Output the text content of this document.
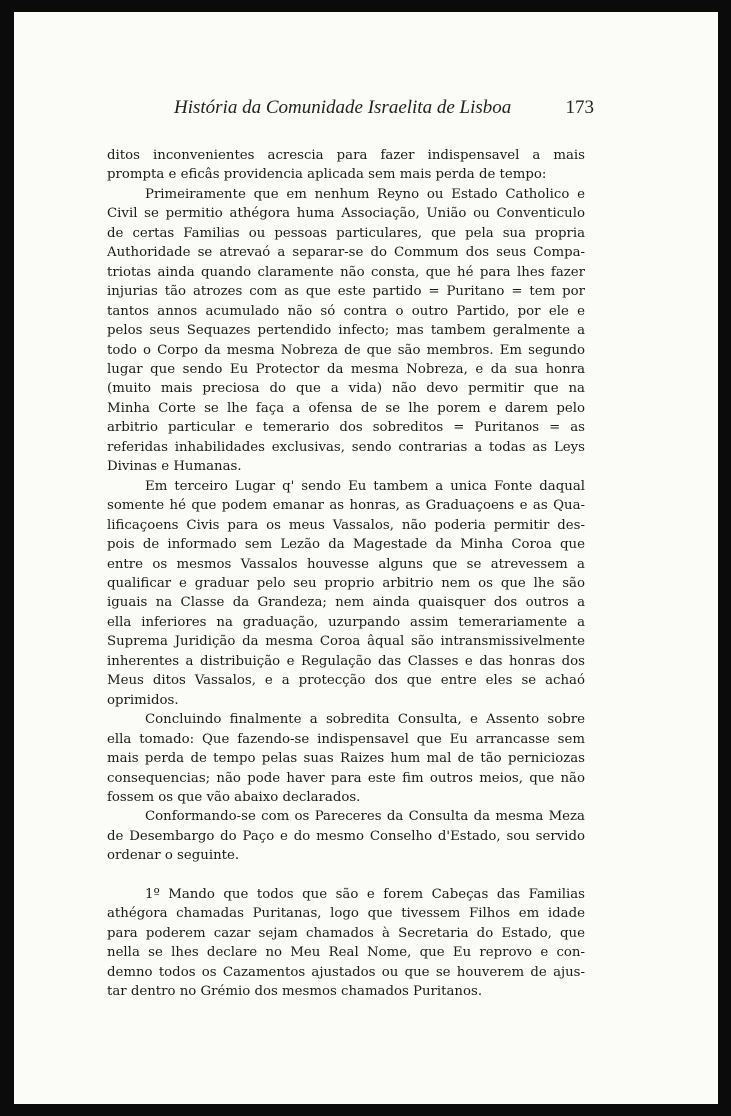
História da Comunidade Israelita de Lisboa	173

ditos inconvenientes acrescia para fazer indispensavel a mais
prompta e eficâs providencia aplicada sem mais perda de tempo:

Primeiramente que em nenhum Reyno ou Estado Catholico e
Civil se permitio athégora huma Associação, União ou Conventiculo
de certas Familias ou pessoas particulares, que pela sua propria
Authoridade se atrevaó a separar-se do Commum dos seus Compa-
triotas ainda quando claramente não consta, que hé para lhes fazer
injurias tão atrozes com as que este partido = Puritano = tem por
tantos annos acumulado não só contra o outro Partido, por ele e
pelos seus Sequazes pertendido infecto; mas tambem geralmente a
todo o Corpo da mesma Nobreza de que são membros. Em segundo
lugar que sendo Eu Protector da mesma Nobreza, e da sua honra
(muito mais preciosa do que a vida) não devo permitir que na
Minha Corte se lhe faça a ofensa de se lhe porem e darem pelo
arbitrio particular e temerario dos sobreditos = Puritanos = as
referidas inhabilidades exclusivas, sendo contrarias a todas as Leys
Divinas e Humanas.

Em terceiro Lugar q' sendo Eu tambem a unica Fonte daqual
somente hé que podem emanar as honras, as Graduaçoens e as Qua-
lificaçoens Civis para os meus Vassalos, não poderia permitir des-
pois de informado sem Lezão da Magestade da Minha Coroa que
entre os mesmos Vassalos houvesse alguns que se atrevessem a
qualificar e graduar pelo seu proprio arbitrio nem os que lhe são
iguais na Classe da Grandeza; nem ainda quaisquer dos outros a
ella inferiores na graduação, uzurpando assim temerariamente a
Suprema Juridição da mesma Coroa âqual são intransmissivelmente
inherentes a distribuição e Regulação das Classes e das honras dos
Meus ditos Vassalos, e a protecção dos que entre eles se achaó
oprimidos.

Concluindo finalmente a sobredita Consulta, e Assento sobre
ella tomado: Que fazendo-se indispensavel que Eu arrancasse sem
mais perda de tempo pelas suas Raizes hum mal de tão perniciozas
consequencias; não pode haver para este fim outros meios, que não
fossem os que vão abaixo declarados.

Conformando-se com os Pareceres da Consulta da mesma Meza
de Desembargo do Paço e do mesmo Conselho d'Estado, sou servido
ordenar o seguinte.

1º Mando que todos que são e forem Cabeças das Familias
athégora chamadas Puritanas, logo que tivessem Filhos em idade
para poderem cazar sejam chamados à Secretaria do Estado, que
nella se lhes declare no Meu Real Nome, que Eu reprovo e con-
demno todos os Cazamentos ajustados ou que se houverem de ajus-
tar dentro no Grémio dos mesmos chamados Puritanos.
